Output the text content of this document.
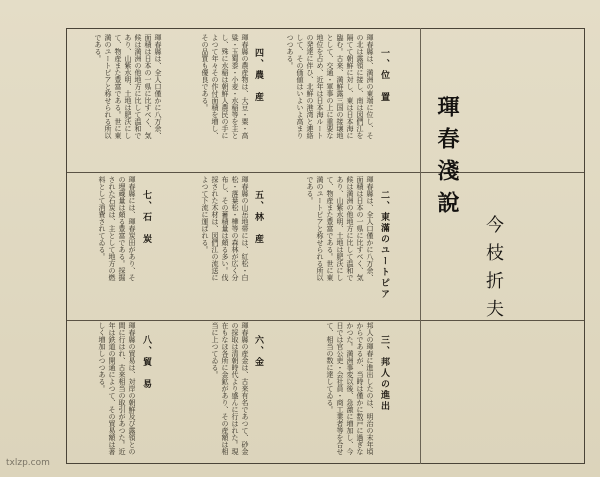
琿春淺說
今枝折夫
一、位　置
琿春縣は、満洲の東端に位し、その北は露領に接し、南は図們江を隔てて朝鮮に対し、東は日本海に臨む。古来、満鮮露三国の接壌地として、交通・軍事の上に重要な地位を占め、近年は日本海ルートの発達に伴ひ、北鮮の港湾と連絡して、その価値はいよいよ高まりつつある。
二、東滿のユートピア
琿春縣は、全人口僅かに八万余、面積は日本の一県に比すべく、気候は満洲の他地方に比して温和であり、山紫水明、土地は肥沃にして、物産また豊富である。世に東満のユートピアと称せられる所以である。
三、邦人の進出
邦人の琿春に進出したのは、明治の末年頃からであるが、当時は僅かに数戸に過ぎなかつた。満洲事変以後、急激に増加し、今日では官公吏・会社員・商工業者等を合せて、相当の数に達してゐる。
四、農　産
琿春縣の農産物は、大豆・粟・高粱・玉蜀黍・小麦・水稲等を主とし、殊に水稲は朝鮮人農民の手によつて年々その作付面積を増し、その品質も優良である。
五、林　産
琿春縣の山岳地帯には、紅松・白松・落葉松・樺等の森林が広く分布し、その蓄積量は頗る多い。伐採された木材は、図們江の流送によつて下流に運ばれる。
六、金
琿春縣の産金は、古来有名であつて、砂金の採取は清朝時代より盛んに行はれた。現在もなほ各所に金鉱があり、その産額は相当に上つてゐる。
七、石　炭
琿春縣には、琿春炭田があり、その埋蔵量は頗る豊富である。採掘された石炭は、主として地方の燃料として消費されてゐる。
八、貿　易
琿春縣の貿易は、対岸の朝鮮及び露領との間に行はれ、古来相当の取引があつた。近年は鉄道の開通によつて、その貿易額は著しく増加しつつある。
琿春縣は、全人口僅かに八万余、面積は日本の一県に比すべく、気候は満洲の他地方に比して温和であり、山紫水明、土地は肥沃にして、物産また豊富である。世に東満のユートピアと称せられる所以である。
txlzp.com
